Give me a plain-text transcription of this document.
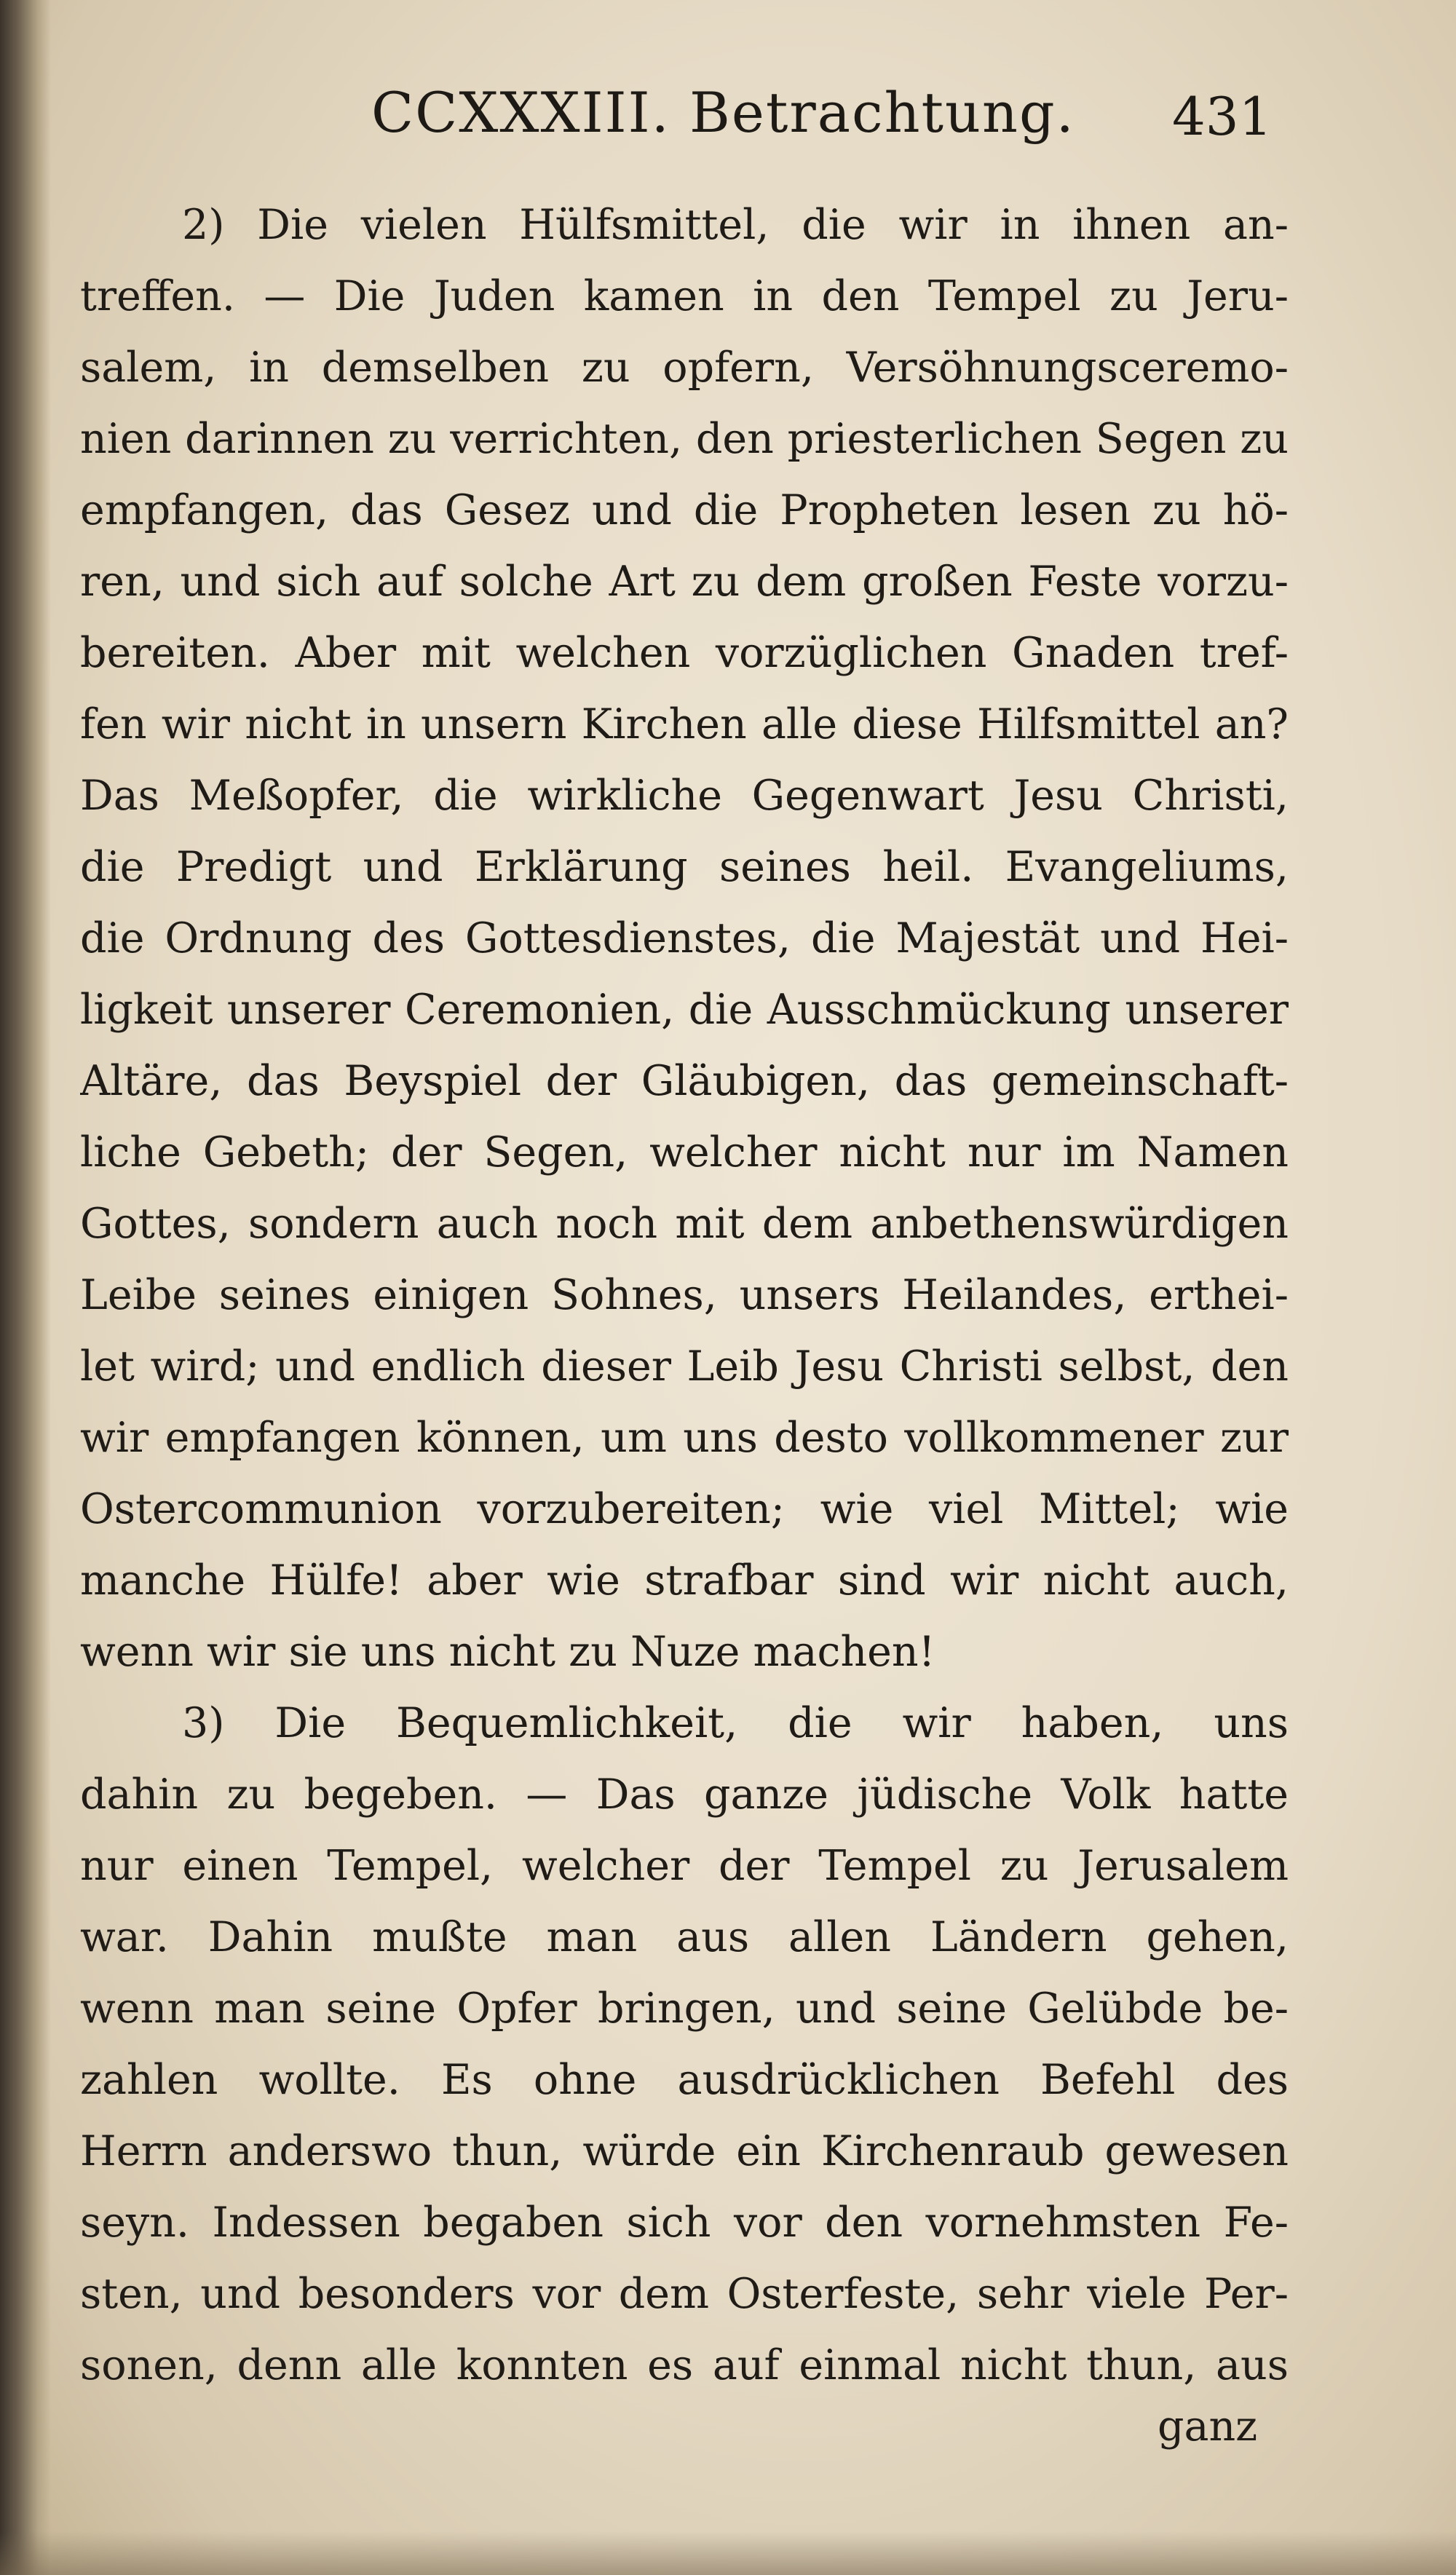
CCXXXIII. Betrachtung. 431
2) Die vielen Hülfsmittel, die wir in ihnen an-
treffen. — Die Juden kamen in den Tempel zu Jeru-
salem, in demselben zu opfern, Versöhnungsceremo-
nien darinnen zu verrichten, den priesterlichen Segen zu
empfangen, das Gesez und die Propheten lesen zu hö-
ren, und sich auf solche Art zu dem großen Feste vorzu-
bereiten. Aber mit welchen vorzüglichen Gnaden tref-
fen wir nicht in unsern Kirchen alle diese Hilfsmittel an?
Das Meßopfer, die wirkliche Gegenwart Jesu Christi,
die Predigt und Erklärung seines heil. Evangeliums,
die Ordnung des Gottesdienstes, die Majestät und Hei-
ligkeit unserer Ceremonien, die Ausschmückung unserer
Altäre, das Beyspiel der Gläubigen, das gemeinschaft-
liche Gebeth; der Segen, welcher nicht nur im Namen
Gottes, sondern auch noch mit dem anbethenswürdigen
Leibe seines einigen Sohnes, unsers Heilandes, erthei-
let wird; und endlich dieser Leib Jesu Christi selbst, den
wir empfangen können, um uns desto vollkommener zur
Ostercommunion vorzubereiten; wie viel Mittel; wie
manche Hülfe! aber wie strafbar sind wir nicht auch,
wenn wir sie uns nicht zu Nuze machen!
3) Die Bequemlichkeit, die wir haben, uns
dahin zu begeben. — Das ganze jüdische Volk hatte
nur einen Tempel, welcher der Tempel zu Jerusalem
war. Dahin mußte man aus allen Ländern gehen,
wenn man seine Opfer bringen, und seine Gelübde be-
zahlen wollte. Es ohne ausdrücklichen Befehl des
Herrn anderswo thun, würde ein Kirchenraub gewesen
seyn. Indessen begaben sich vor den vornehmsten Fe-
sten, und besonders vor dem Osterfeste, sehr viele Per-
sonen, denn alle konnten es auf einmal nicht thun, aus
ganz
